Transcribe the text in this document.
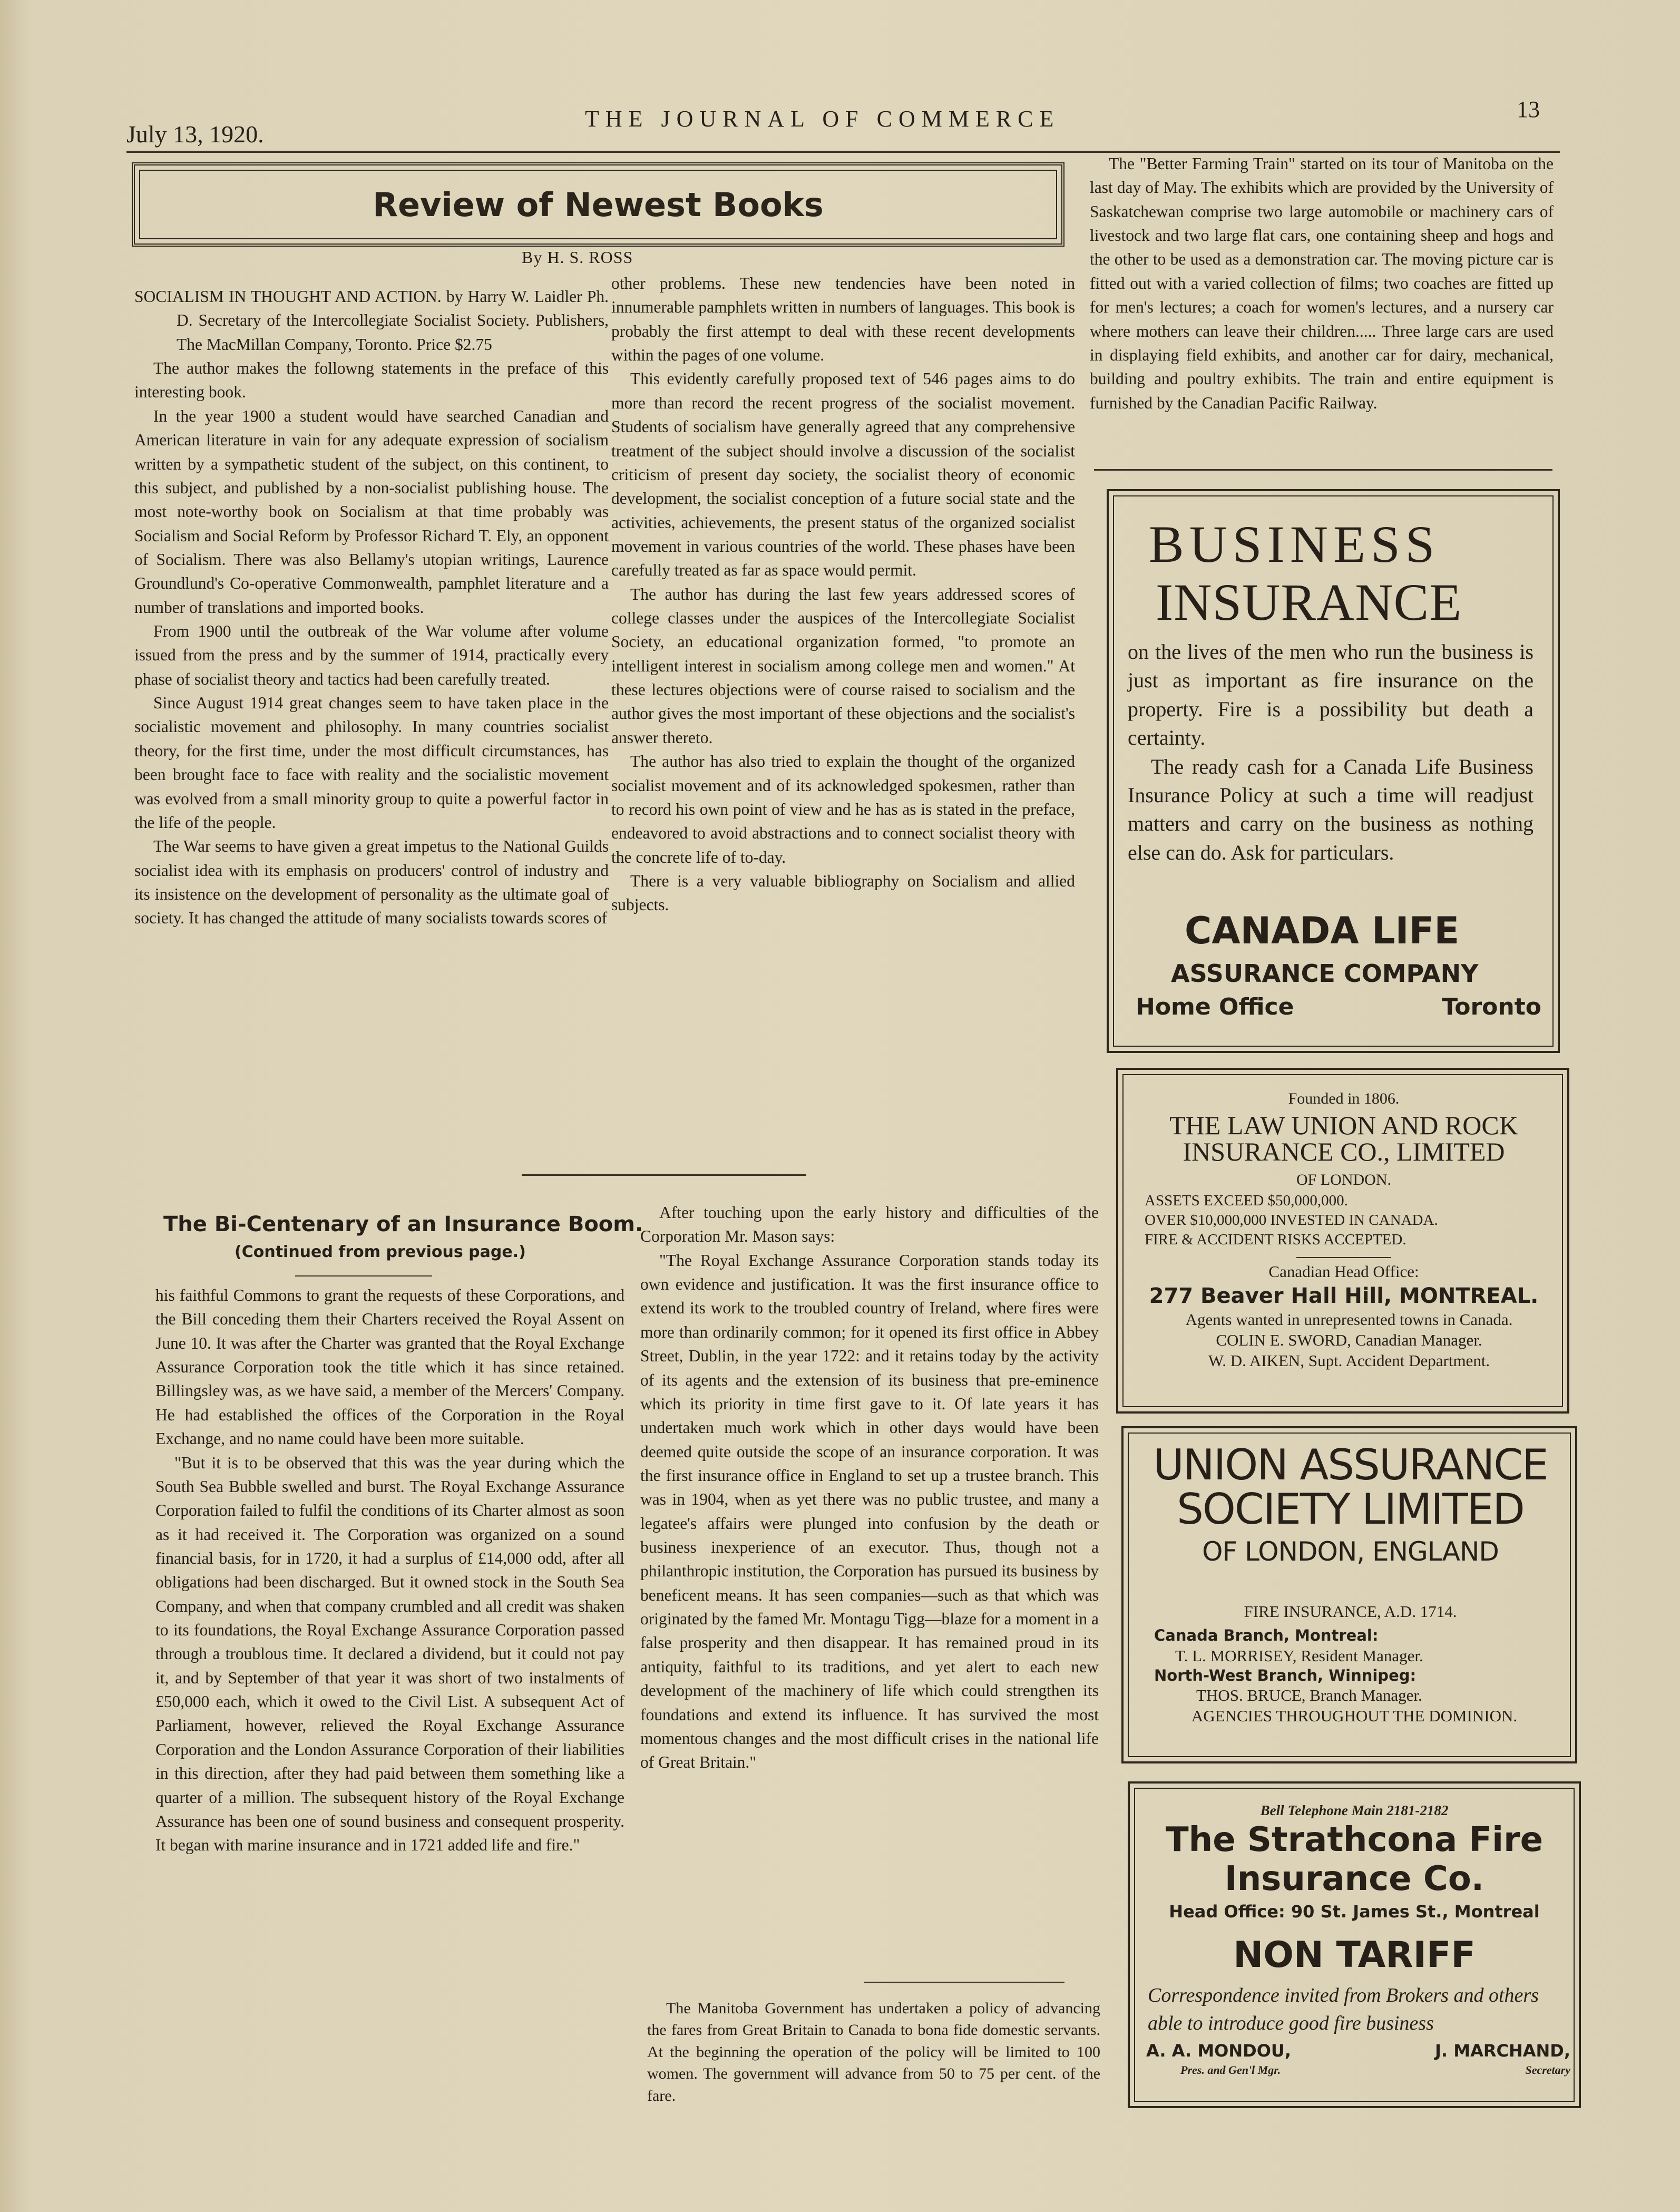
July 13, 1920.
THE JOURNAL OF COMMERCE	13
Review of Newest Books
By H. S. ROSS

SOCIALISM IN THOUGHT AND ACTION. by Harry W. Laidler Ph. D. Secretary of the Intercollegiate Socialist Society. Publishers, The MacMillan Company, Toronto. Price $2.75

The author makes the followng statements in the preface of this interesting book.

In the year 1900 a student would have searched Canadian and American literature in vain for any adequate expression of socialism written by a sympathetic student of the subject, on this continent, to this subject, and published by a non-socialist publishing house. The most note-worthy book on Socialism at that time probably was Socialism and Social Reform by Professor Richard T. Ely, an opponent of Socialism. There was also Bellamy's utopian writings, Laurence Groundlund's Co-operative Commonwealth, pamphlet literature and a number of translations and imported books.

From 1900 until the outbreak of the War volume after volume issued from the press and by the summer of 1914, practically every phase of socialist theory and tactics had been carefully treated.

Since August 1914 great changes seem to have taken place in the socialistic movement and philosophy. In many countries socialist theory, for the first time, under the most difficult circumstances, has been brought face to face with reality and the socialistic movement was evolved from a small minority group to quite a powerful factor in the life of the people.

The War seems to have given a great impetus to the National Guilds socialist idea with its emphasis on producers' control of industry and its insistence on the development of personality as the ultimate goal of society. It has changed the attitude of many socialists towards scores of

other problems. These new tendencies have been noted in innumerable pamphlets written in numbers of languages. This book is probably the first attempt to deal with these recent developments within the pages of one volume.

This evidently carefully proposed text of 546 pages aims to do more than record the recent progress of the socialist movement. Students of socialism have generally agreed that any comprehensive treatment of the subject should involve a discussion of the socialist criticism of present day society, the socialist theory of economic development, the socialist conception of a future social state and the activities, achievements, the present status of the organized socialist movement in various countries of the world. These phases have been carefully treated as far as space would permit.

The author has during the last few years addressed scores of college classes under the auspices of the Intercollegiate Socialist Society, an educational organization formed, "to promote an intelligent interest in socialism among college men and women." At these lectures objections were of course raised to socialism and the author gives the most important of these objections and the socialist's answer thereto.

The author has also tried to explain the thought of the organized socialist movement and of its acknowledged spokesmen, rather than to record his own point of view and he has as is stated in the preface, endeavored to avoid abstractions and to connect socialist theory with the concrete life of to-day.

There is a very valuable bibliography on Socialism and allied subjects.

The "Better Farming Train" started on its tour of Manitoba on the last day of May. The exhibits which are provided by the University of Saskatchewan comprise two large automobile or machinery cars of livestock and two large flat cars, one containing sheep and hogs and the other to be used as a demonstration car. The moving picture car is fitted out with a varied collection of films; two coaches are fitted up for men's lectures; a coach for women's lectures, and a nursery car where mothers can leave their children..... Three large cars are used in displaying field exhibits, and another car for dairy, mechanical, building and poultry exhibits. The train and entire equipment is furnished by the Canadian Pacific Railway.

The Bi-Centenary of an Insurance Boom.
(Continued from previous page.)

his faithful Commons to grant the requests of these Corporations, and the Bill conceding them their Charters received the Royal Assent on June 10. It was after the Charter was granted that the Royal Exchange Assurance Corporation took the title which it has since retained. Billingsley was, as we have said, a member of the Mercers' Company. He had established the offices of the Corporation in the Royal Exchange, and no name could have been more suitable.

"But it is to be observed that this was the year during which the South Sea Bubble swelled and burst. The Royal Exchange Assurance Corporation failed to fulfil the conditions of its Charter almost as soon as it had received it. The Corporation was organized on a sound financial basis, for in 1720, it had a surplus of £14,000 odd, after all obligations had been discharged. But it owned stock in the South Sea Company, and when that company crumbled and all credit was shaken to its foundations, the Royal Exchange Assurance Corporation passed through a troublous time. It declared a dividend, but it could not pay it, and by September of that year it was short of two instalments of £50,000 each, which it owed to the Civil List. A subsequent Act of Parliament, however, relieved the Royal Exchange Assurance Corporation and the London Assurance Corporation of their liabilities in this direction, after they had paid between them something like a quarter of a million. The subsequent history of the Royal Exchange Assurance has been one of sound business and consequent prosperity. It began with marine insurance and in 1721 added life and fire."

After touching upon the early history and difficulties of the Corporation Mr. Mason says:

"The Royal Exchange Assurance Corporation stands today its own evidence and justification. It was the first insurance office to extend its work to the troubled country of Ireland, where fires were more than ordinarily common; for it opened its first office in Abbey Street, Dublin, in the year 1722: and it retains today by the activity of its agents and the extension of its business that pre-eminence which its priority in time first gave to it. Of late years it has undertaken much work which in other days would have been deemed quite outside the scope of an insurance corporation. It was the first insurance office in England to set up a trustee branch. This was in 1904, when as yet there was no public trustee, and many a legatee's affairs were plunged into confusion by the death or business inexperience of an executor. Thus, though not a philanthropic institution, the Corporation has pursued its business by beneficent means. It has seen companies—such as that which was originated by the famed Mr. Montagu Tigg—blaze for a moment in a false prosperity and then disappear. It has remained proud in its antiquity, faithful to its traditions, and yet alert to each new development of the machinery of life which could strengthen its foundations and extend its influence. It has survived the most momentous changes and the most difficult crises in the national life of Great Britain."

The Manitoba Government has undertaken a policy of advancing the fares from Great Britain to Canada to bona fide domestic servants. At the beginning the operation of the policy will be limited to 100 women. The government will advance from 50 to 75 per cent. of the fare.

BUSINESS
INSURANCE

on the lives of the men who run the business is just as important as fire insurance on the property. Fire is a possibility but death a certainty.

The ready cash for a Canada Life Business Insurance Policy at such a time will readjust matters and carry on the business as nothing else can do. Ask for particulars.

CANADA LIFE
ASSURANCE COMPANY
Home Office	Toronto
Founded in 1806.
THE LAW UNION AND ROCK INSURANCE CO., LIMITED
OF LONDON.
ASSETS EXCEED $50,000,000.
OVER $10,000,000 INVESTED IN CANADA.
FIRE & ACCIDENT RISKS ACCEPTED.
Canadian Head Office:
277 Beaver Hall Hill, MONTREAL.
Agents wanted in unrepresented towns in Canada.
COLIN E. SWORD, Canadian Manager.
W. D. AIKEN, Supt. Accident Department.
UNION ASSURANCE
SOCIETY LIMITED
OF LONDON, ENGLAND
FIRE INSURANCE, A.D. 1714.
Canada Branch, Montreal:
T. L. MORRISEY, Resident Manager.
North-West Branch, Winnipeg:
THOS. BRUCE, Branch Manager.
AGENCIES THROUGHOUT THE DOMINION.
Bell Telephone Main 2181-2182
The Strathcona Fire
Insurance Co.
Head Office: 90 St. James St., Montreal
NON TARIFF
Correspondence invited from Brokers and others able to introduce good fire business
A. A. MONDOU,	J. MARCHAND,
Pres. and Gen'l Mgr.	Secretary
